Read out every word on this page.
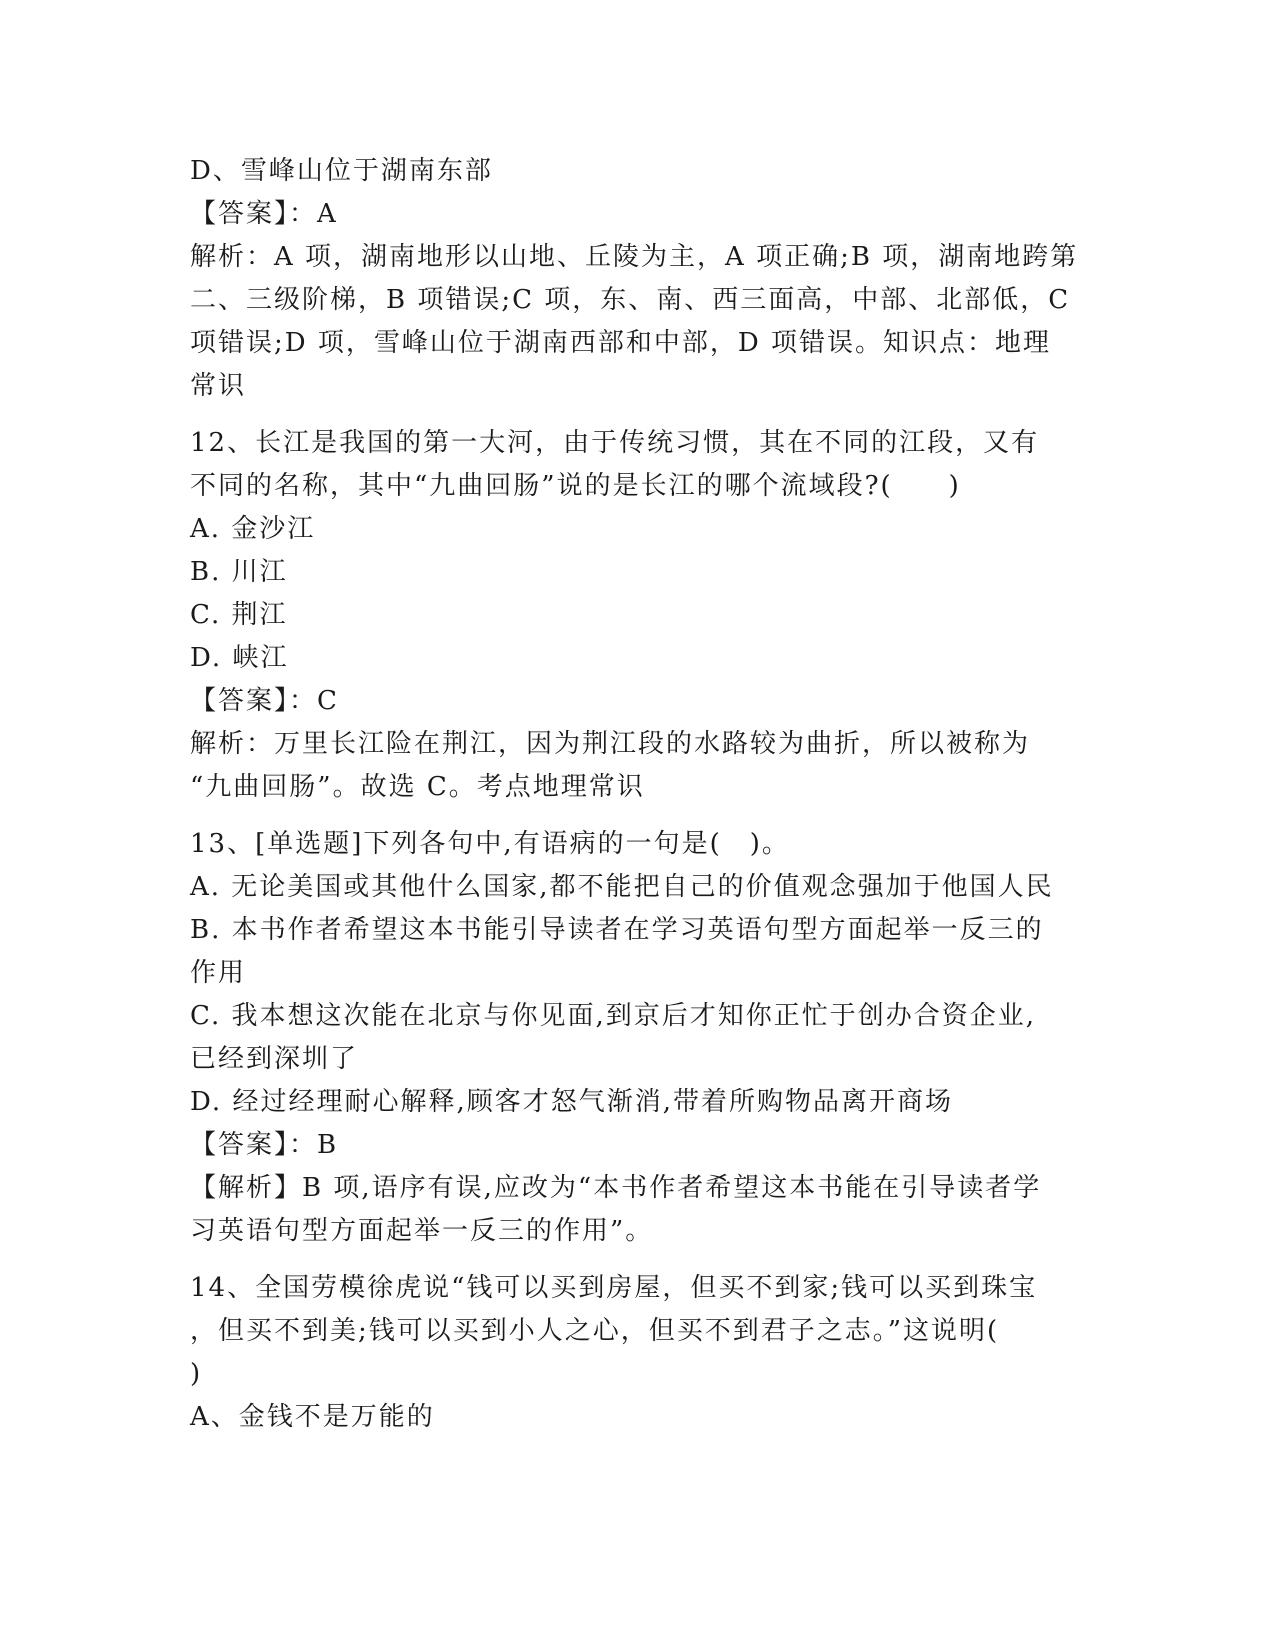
D、雪峰山位于湖南东部
【答案】：A
解析：A 项，湖南地形以山地、丘陵为主，A 项正确;B 项，湖南地跨第
二、三级阶梯，B 项错误;C 项，东、南、西三面高，中部、北部低，C
项错误;D 项，雪峰山位于湖南西部和中部，D 项错误。知识点：地理
常识
12、长江是我国的第一大河，由于传统习惯，其在不同的江段，又有
不同的名称，其中“九曲回肠”说的是长江的哪个流域段?(　　)
A. 金沙江
B. 川江
C. 荆江
D. 峡江
【答案】：C
解析：万里长江险在荆江，因为荆江段的水路较为曲折，所以被称为
“九曲回肠”。故选 C。考点地理常识
13、[单选题]下列各句中,有语病的一句是(　)。
A. 无论美国或其他什么国家,都不能把自己的价值观念强加于他国人民
B. 本书作者希望这本书能引导读者在学习英语句型方面起举一反三的
作用
C. 我本想这次能在北京与你见面,到京后才知你正忙于创办合资企业,
已经到深圳了
D. 经过经理耐心解释,顾客才怒气渐消,带着所购物品离开商场
【答案】：B
【解析】B 项,语序有误,应改为“本书作者希望这本书能在引导读者学
习英语句型方面起举一反三的作用”。
14、全国劳模徐虎说“钱可以买到房屋，但买不到家;钱可以买到珠宝
，但买不到美;钱可以买到小人之心，但买不到君子之志。”这说明(
)
A、金钱不是万能的
